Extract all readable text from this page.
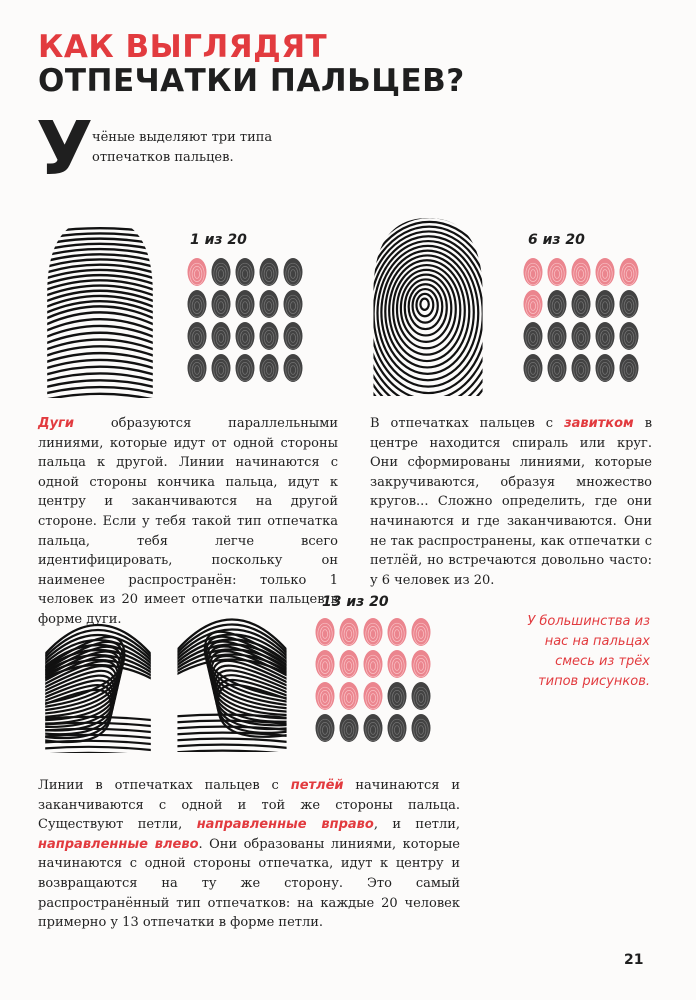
КАК ВЫГЛЯДЯТ
ОТПЕЧАТКИ ПАЛЬЦЕВ?
У
чёные выделяют три типа отпечатков пальцев.
1 из 20
Дуги образуются параллельными линиями, которые идут от одной стороны пальца к другой. Линии начинаются с одной стороны кончика пальца, идут к центру и заканчиваются на другой стороне. Если у тебя такой тип отпечатка пальца, тебя легче всего идентифицировать, поскольку он наименее распространён: только 1 человек из 20 имеет отпечатки пальцев в форме дуги.
6 из 20
В отпечатках пальцев с завитком в центре находится спираль или круг. Они сформированы линиями, которые закручиваются, образуя множество кругов... Сложно определить, где они начинаются и где заканчиваются. Они не так распространены, как отпечатки с петлёй, но встречаются довольно часто: у 6 человек из 20.
13 из 20
Линии в отпечатках пальцев с петлёй начинаются и заканчиваются с одной и той же стороны пальца. Существуют петли, направленные вправо, и петли, направленные влево. Они образованы линиями, которые начинаются с одной стороны отпечатка, идут к центру и возвращаются на ту же сторону. Это самый распространённый тип отпечатков: на каждые 20 человек примерно у 13 отпечатки в форме петли.
У большинства из нас на пальцах смесь из трёх типов рисунков.
21
